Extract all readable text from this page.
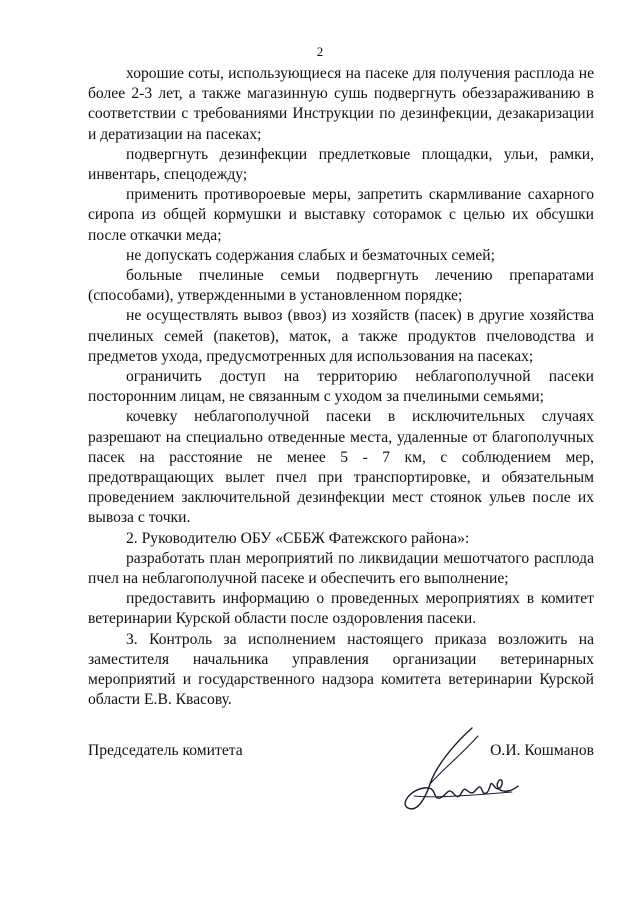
2

хорошие соты, использующиеся на пасеке для получения расплода не более 2-3 лет, а также магазинную сушь подвергнуть обеззараживанию в соответствии с требованиями Инструкции по дезинфекции, дезакаризации и дератизации на пасеках;

подвергнуть дезинфекции предлетковые площадки, ульи, рамки, инвентарь, спецодежду;

применить противороевые меры, запретить скармливание сахарного сиропа из общей кормушки и выставку соторамок с целью их обсушки после откачки меда;

не допускать содержания слабых и безматочных семей;

больные пчелиные семьи подвергнуть лечению препаратами (способами), утвержденными в установленном порядке;

не осуществлять вывоз (ввоз) из хозяйств (пасек) в другие хозяйства пчелиных семей (пакетов), маток, а также продуктов пчеловодства и предметов ухода, предусмотренных для использования на пасеках;

ограничить доступ на территорию неблагополучной пасеки посторонним лицам, не связанным с уходом за пчелиными семьями;

кочевку неблагополучной пасеки в исключительных случаях разрешают на специально отведенные места, удаленные от благополучных пасек на расстояние не менее 5 - 7 км, с соблюдением мер, предотвращающих вылет пчел при транспортировке, и обязательным проведением заключительной дезинфекции мест стоянок ульев после их вывоза с точки.

2. Руководителю ОБУ «СББЖ Фатежского района»:

разработать план мероприятий по ликвидации мешотчатого расплода пчел на неблагополучной пасеке и обеспечить его выполнение;

предоставить информацию о проведенных мероприятиях в комитет ветеринарии Курской области после оздоровления пасеки.

3. Контроль за исполнением настоящего приказа возложить на заместителя начальника управления организации ветеринарных мероприятий и государственного надзора комитета ветеринарии Курской области Е.В. Квасову.

Председатель комитета	О.И. Кошманов
